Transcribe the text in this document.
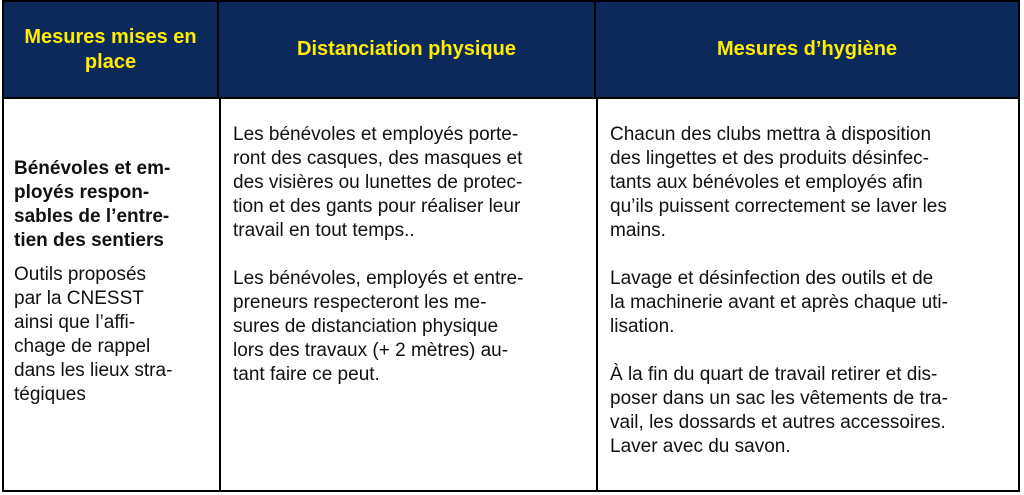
Mesures mises en place
Distanciation physique	Mesures d’hygiène

Bénévoles et em-
ployés respon-
sables de l’entre-
tien des sentiers

Outils proposés
par la CNESST
ainsi que l’affi-
chage de rappel
dans les lieux stra-
tégiques

Les bénévoles et employés porte-
ront des casques, des masques et
des visières ou lunettes de protec-
tion et des gants pour réaliser leur
travail en tout temps..

Les bénévoles, employés et entre-
preneurs respecteront les me-
sures de distanciation physique
lors des travaux (+ 2 mètres) au-
tant faire ce peut.

Chacun des clubs mettra à disposition
des lingettes et des produits désinfec-
tants aux bénévoles et employés afin
qu’ils puissent correctement se laver les
mains.

Lavage et désinfection des outils et de
la machinerie avant et après chaque uti-
lisation.

À la fin du quart de travail retirer et dis-
poser dans un sac les vêtements de tra-
vail, les dossards et autres accessoires.
Laver avec du savon.
